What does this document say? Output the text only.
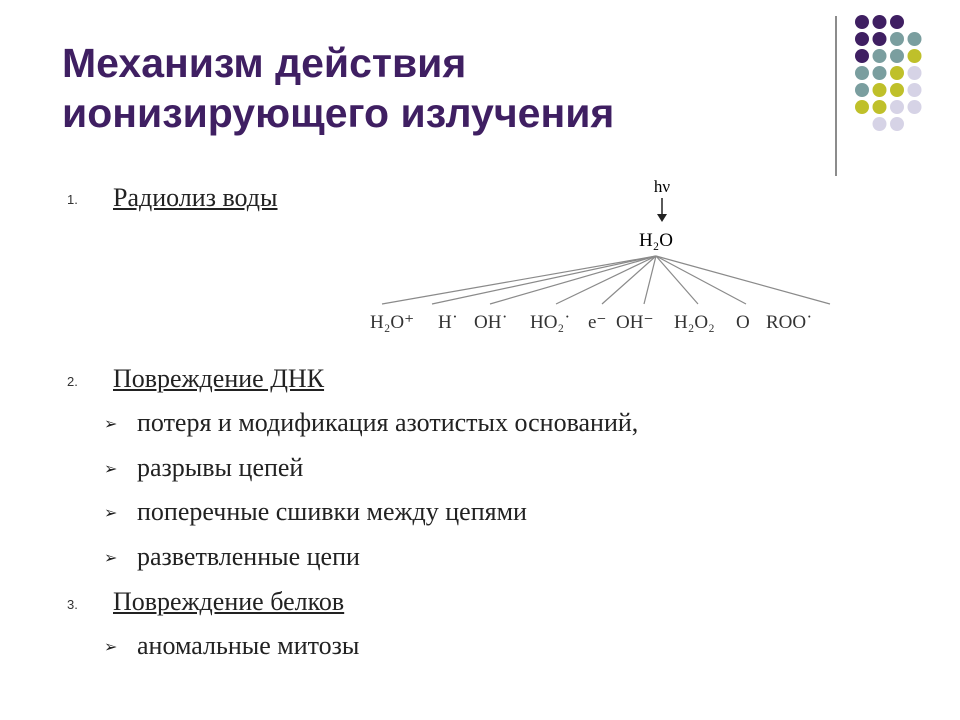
Механизм действия
ионизирующего излучения
1. Радиолиз воды	hν
H₂O
H₂O⁺ H˙ OH˙ HO₂˙ e⁻ OH⁻ H₂O₂ O ROO˙
2. Повреждение ДНК
➢ потеря и модификация азотистых оснований,
➢ разрывы цепей
➢ поперечные сшивки между цепями
➢ разветвленные цепи
3. Повреждение белков
➢ аномальные митозы
